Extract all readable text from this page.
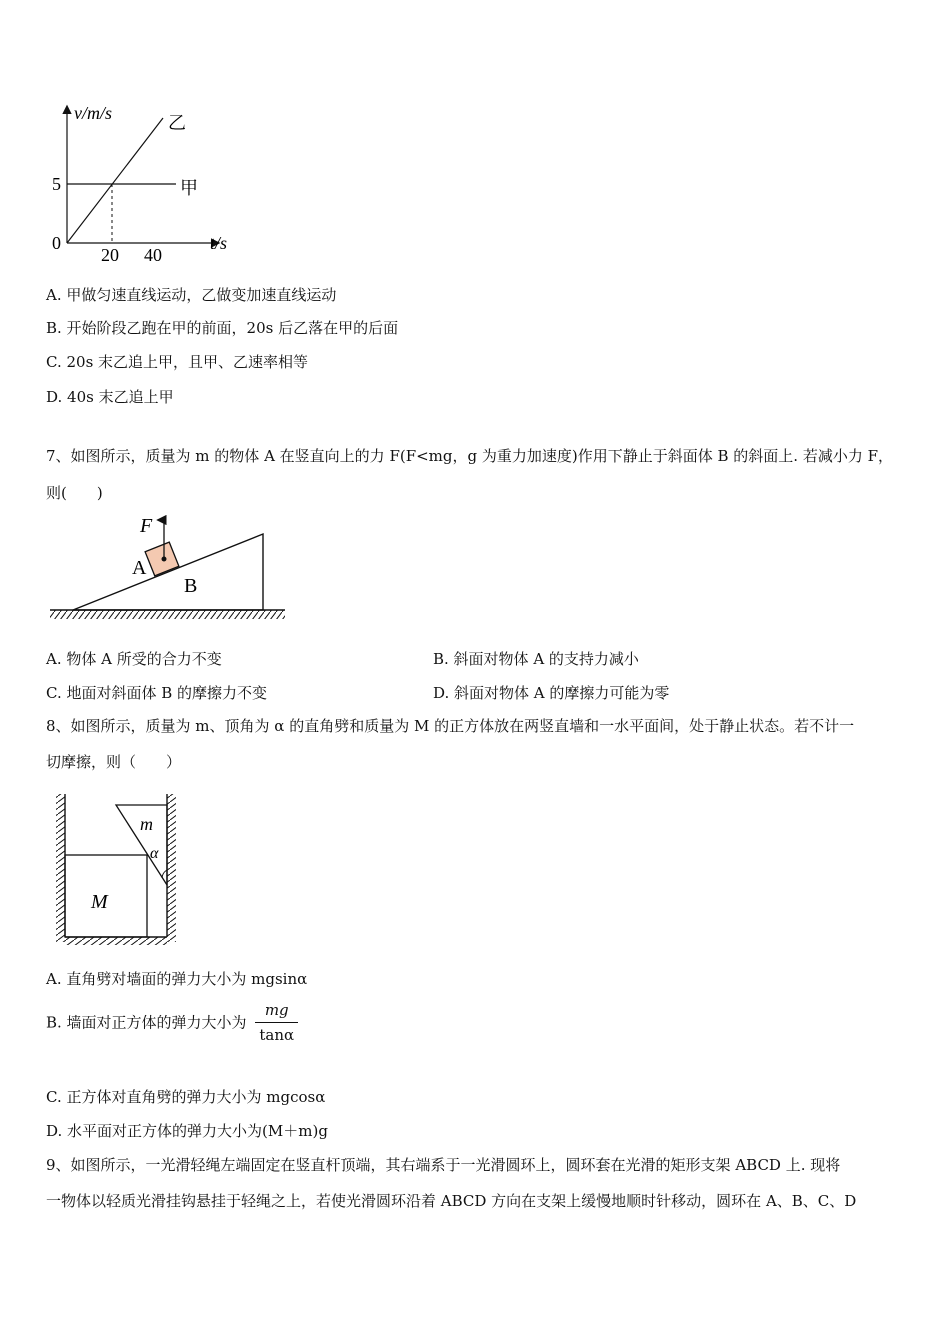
v/m/s
t/s
0
5
20 40
乙
甲
A. 甲做匀速直线运动，乙做变加速直线运动
B. 开始阶段乙跑在甲的前面，20s 后乙落在甲的后面
C. 20s 末乙追上甲，且甲、乙速率相等
D. 40s 末乙追上甲
7、如图所示，质量为 m 的物体 A 在竖直向上的力 F(F<mg，g 为重力加速度)作用下静止于斜面体 B 的斜面上. 若减小力 F，
则(　　)
F
A
B
A. 物体 A 所受的合力不变	B. 斜面对物体 A 的支持力减小
C. 地面对斜面体 B 的摩擦力不变	D. 斜面对物体 A 的摩擦力可能为零
8、如图所示，质量为 m、顶角为 α 的直角劈和质量为 M 的正方体放在两竖直墙和一水平面间，处于静止状态。若不计一
切摩擦，则（　　）
m
α
M
A. 直角劈对墙面的弹力大小为 mgsinα
B. 墙面对正方体的弹力大小为 $\frac{mg}{\tan\alpha}$
C. 正方体对直角劈的弹力大小为 mgcosα
D. 水平面对正方体的弹力大小为(M＋m)g
9、如图所示，一光滑轻绳左端固定在竖直杆顶端，其右端系于一光滑圆环上，圆环套在光滑的矩形支架 ABCD 上. 现将
一物体以轻质光滑挂钩悬挂于轻绳之上，若使光滑圆环沿着 ABCD 方向在支架上缓慢地顺时针移动，圆环在 A、B、C、D
